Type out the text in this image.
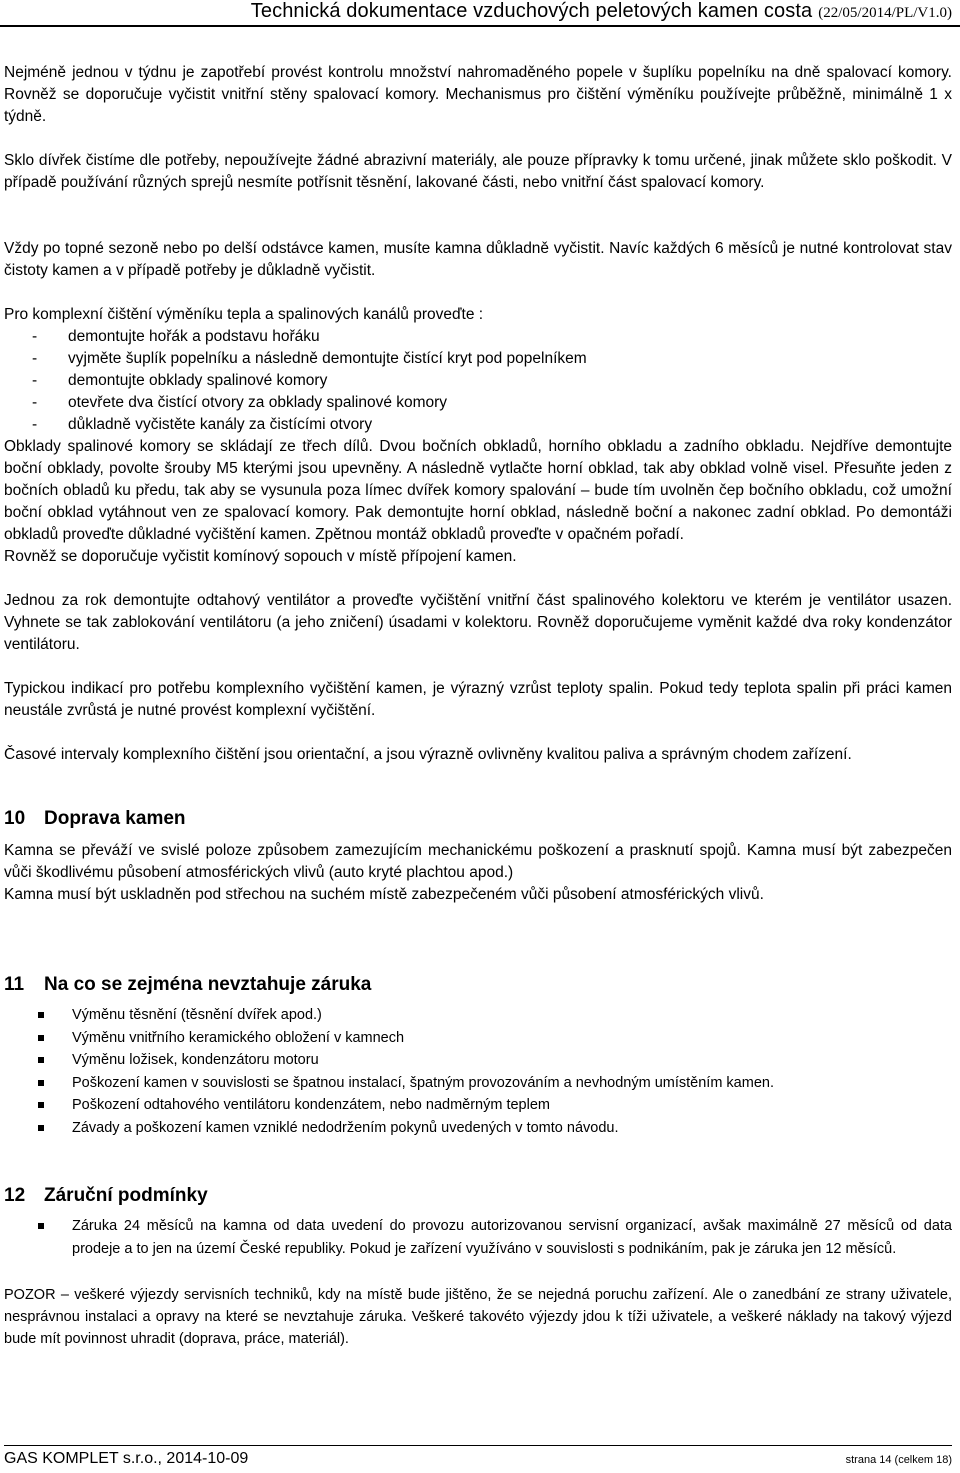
Technická dokumentace vzduchových peletových kamen costa (22/05/2014/PL/V1.0)

Nejméně jednou v týdnu je zapotřebí provést kontrolu množství nahromaděného popele v šuplíku popelníku na dně spalovací komory. Rovněž se doporučuje vyčistit vnitřní stěny spalovací komory. Mechanismus pro čištění výměníku používejte průběžně, minimálně 1 x týdně.

Sklo dívřek čistíme dle potřeby, nepoužívejte žádné abrazivní materiály, ale pouze přípravky k tomu určené, jinak můžete sklo poškodit. V případě používání různých sprejů nesmíte potřísnit těsnění, lakované části, nebo vnitřní část spalovací komory.

Vždy po topné sezoně nebo po delší odstávce kamen, musíte kamna důkladně vyčistit. Navíc každých 6 měsíců je nutné kontrolovat stav čistoty kamen a v případě potřeby je důkladně vyčistit.

Pro komplexní čištění výměníku tepla a spalinových kanálů proveďte :

- demontujte hořák a podstavu hořáku
- vyjměte šuplík popelníku a následně demontujte čistící kryt pod popelníkem
- demontujte obklady spalinové komory
- otevřete dva čistící otvory za obklady spalinové komory
- důkladně vyčistěte kanály za čistícími otvory

Obklady spalinové komory se skládají ze třech dílů. Dvou bočních obkladů, horního obkladu a zadního obkladu. Nejdříve demontujte boční obklady, povolte šrouby M5 kterými jsou upevněny. A následně vytlačte horní obklad, tak aby obklad volně visel. Přesuňte jeden z bočních obladů ku předu, tak aby se vysunula poza límec dvířek komory spalování – bude tím uvolněn čep bočního obkladu, což umožní boční obklad vytáhnout ven ze spalovací komory. Pak demontujte horní obklad, následně boční a nakonec zadní obklad. Po demontáži obkladů proveďte důkladné vyčištění kamen. Zpětnou montáž obkladů proveďte v opačném pořadí.

Rovněž se doporučuje vyčistit komínový sopouch v místě přípojení kamen.

Jednou za rok demontujte odtahový ventilátor a proveďte vyčištění vnitřní část spalinového kolektoru ve kterém je ventilátor usazen. Vyhnete se tak zablokování ventilátoru (a jeho zničení) úsadami v kolektoru. Rovněž doporučujeme vyměnit každé dva roky kondenzátor ventilátoru.

Typickou indikací pro potřebu komplexního vyčištění kamen, je výrazný vzrůst teploty spalin. Pokud tedy teplota spalin při práci kamen neustále zvrůstá je nutné provést komplexní vyčištění.

Časové intervaly komplexního čištění jsou orientační, a jsou výrazně ovlivněny kvalitou paliva a správným chodem zařízení.

10 Doprava kamen

Kamna se převáží ve svislé poloze způsobem zamezujícím mechanickému poškození a prasknutí spojů. Kamna musí být zabezpečen vůči škodlivému působení atmosférických vlivů (auto kryté plachtou apod.)

Kamna musí být uskladněn pod střechou na suchém místě zabezpečeném vůči působení atmosférických vlivů.

11 Na co se zejména nevztahuje záruka
Výměnu těsnění (těsnění dvířek apod.)
Výměnu vnitřního keramického obložení v kamnech
Výměnu ložisek, kondenzátoru motoru
Poškození kamen v souvislosti se špatnou instalací, špatným provozováním a nevhodným umístěním kamen.
Poškození odtahového ventilátoru kondenzátem, nebo nadměrným teplem
Závady a poškození kamen vzniklé nedodržením pokynů uvedených v tomto návodu.
12 Záruční podmínky
Záruka 24 měsíců na kamna od data uvedení do provozu autorizovanou servisní organizací, avšak maximálně 27 měsíců od data prodeje a to jen na území České republiky. Pokud je zařízení využíváno v souvislosti s podnikáním, pak je záruka jen 12 měsíců.

POZOR – veškeré výjezdy servisních techniků, kdy na místě bude jištěno, že se nejedná poruchu zařízení. Ale o zanedbání ze strany uživatele, nesprávnou instalaci a opravy na které se nevztahuje záruka. Veškeré takovéto výjezdy jdou k tíži uživatele, a veškeré náklady na takový výjezd bude mít povinnost uhradit (doprava, práce, materiál).

GAS KOMPLET s.r.o., 2014-10-09	strana 14 (celkem 18)
